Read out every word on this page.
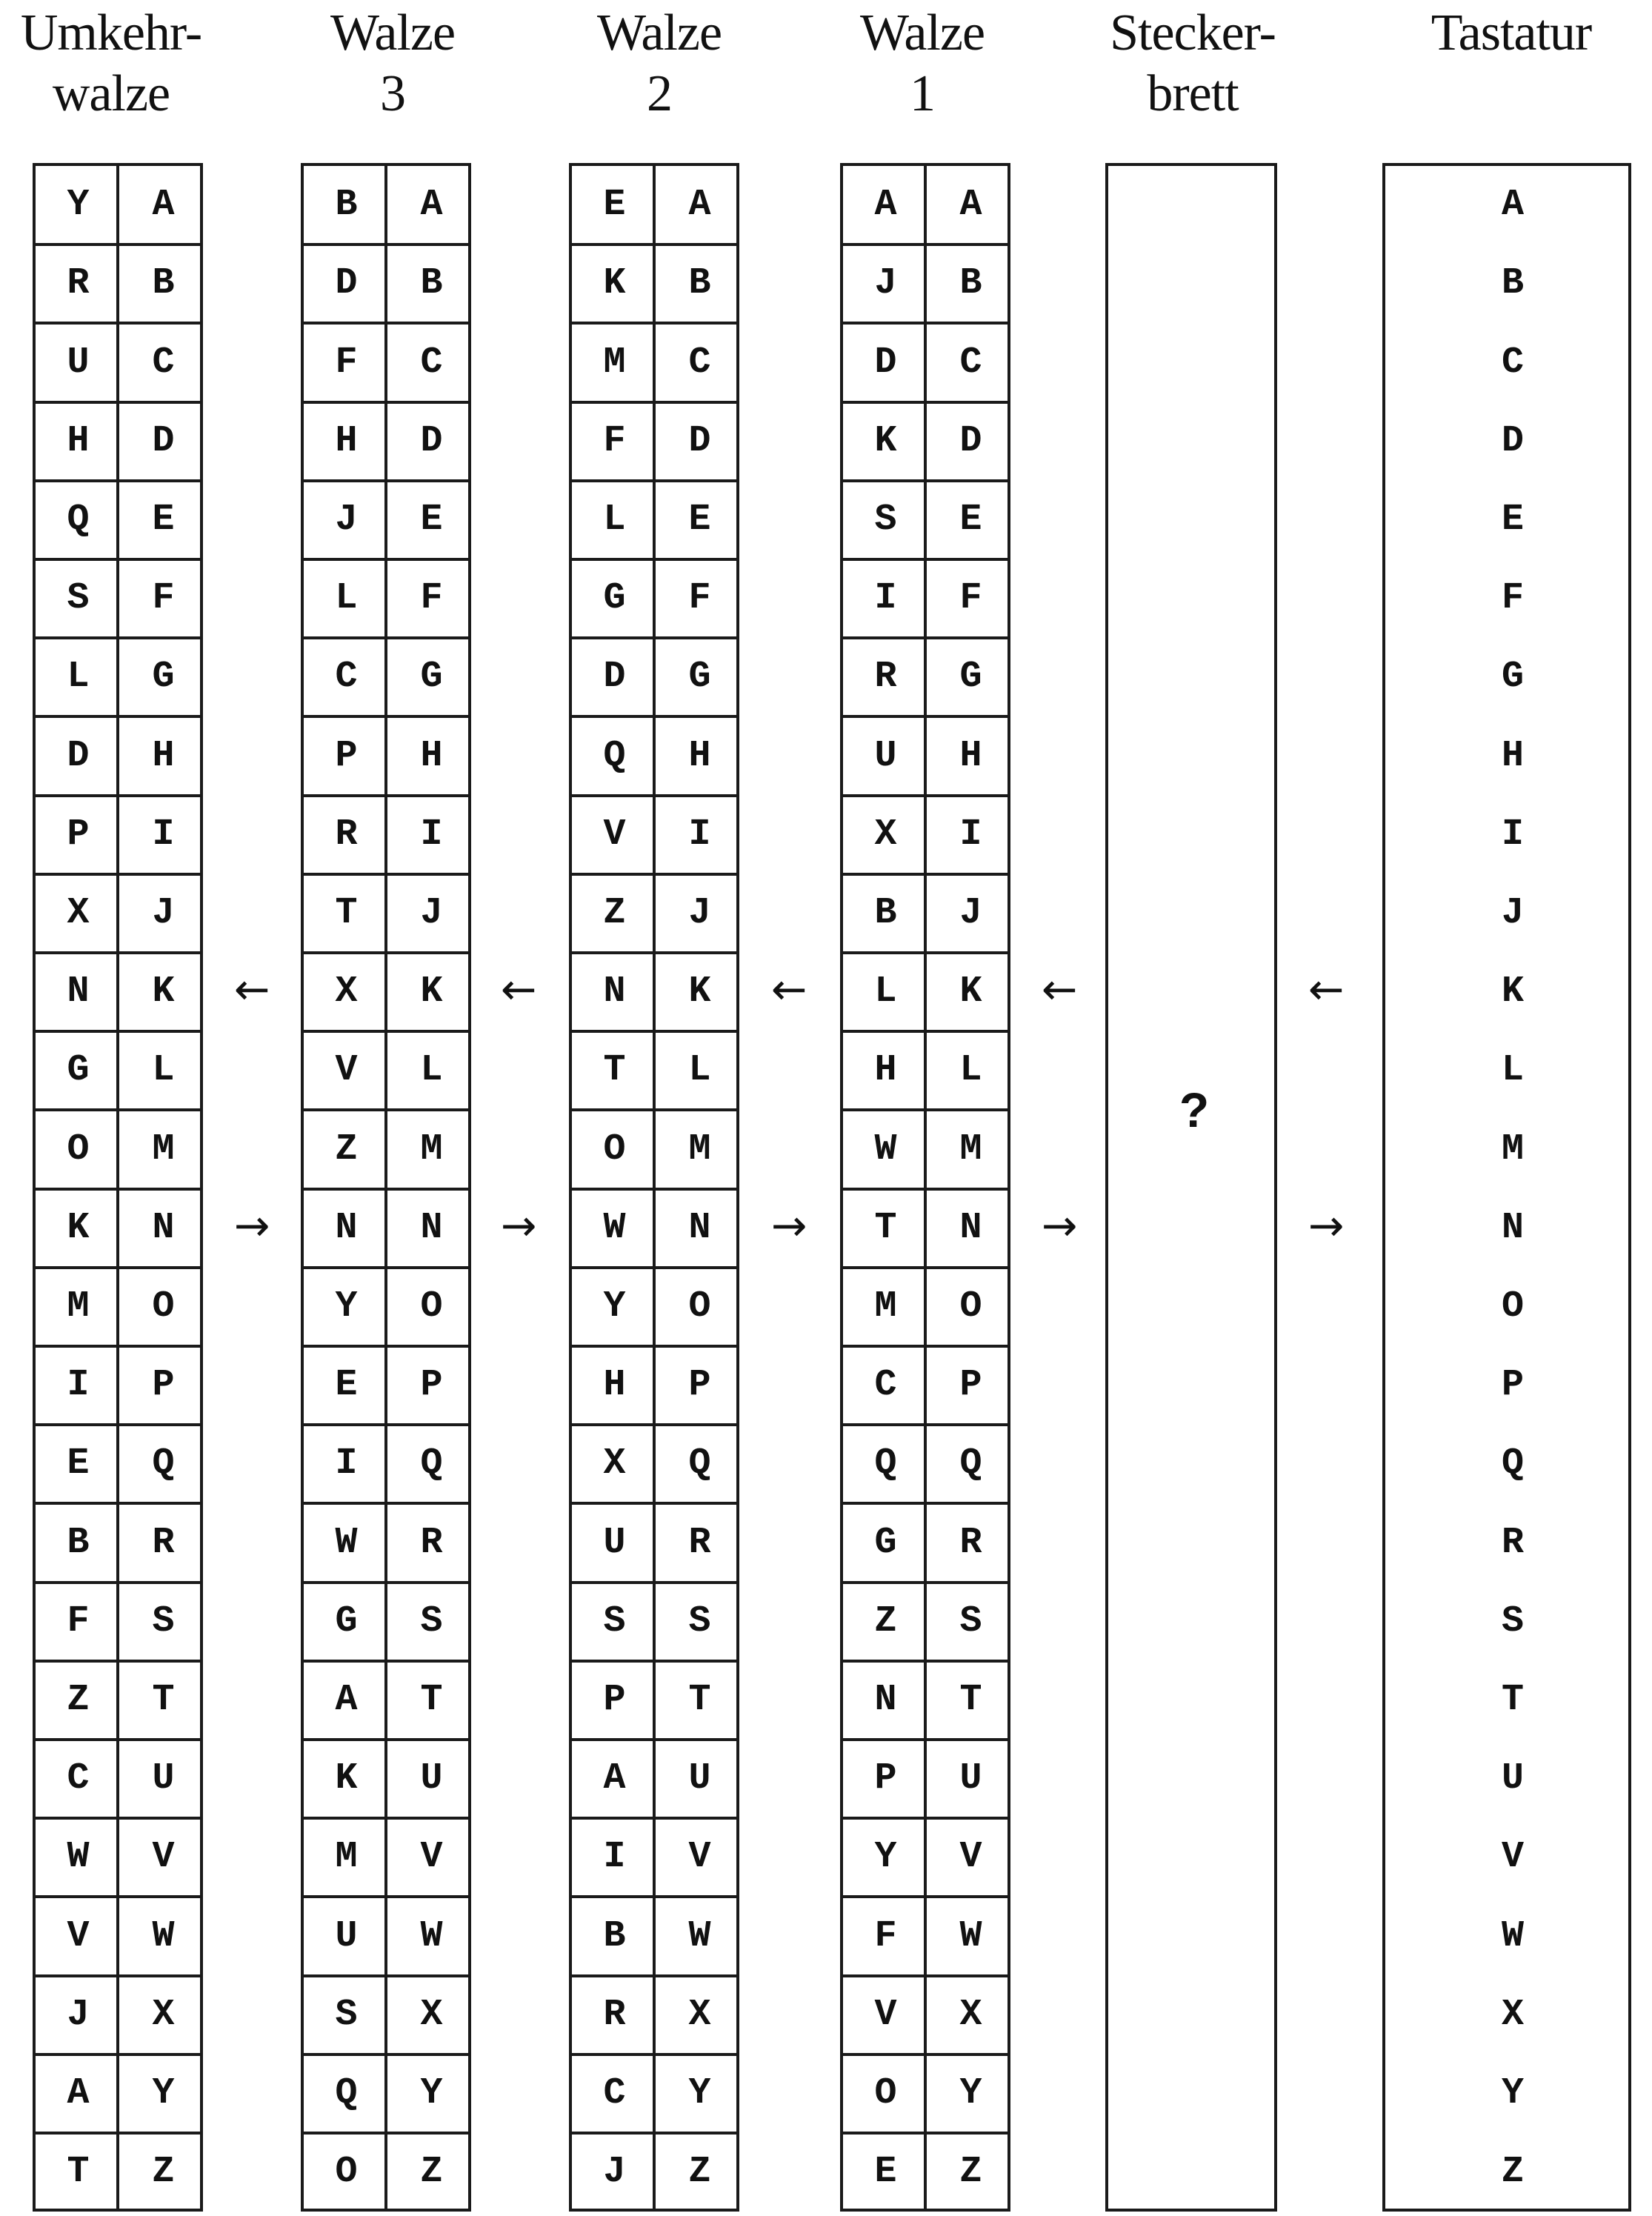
Umkehr-
walze
Walze
3
Walze
2
Walze
1
Stecker-
brett
Tastatur
Y
R
U
H
Q
S
L
D
P
X
N
G
O
K
M
I
E
B
F
Z
C
W
V
J
A
T
A
B
C
D
E
F
G
H
I
J
K
L
M
N
O
P
Q
R
S
T
U
V
W
X
Y
Z
B
D
F
H
J
L
C
P
R
T
X
V
Z
N
Y
E
I
W
G
A
K
M
U
S
Q
O
A
B
C
D
E
F
G
H
I
J
K
L
M
N
O
P
Q
R
S
T
U
V
W
X
Y
Z
E
K
M
F
L
G
D
Q
V
Z
N
T
O
W
Y
H
X
U
S
P
A
I
B
R
C
J
A
B
C
D
E
F
G
H
I
J
K
L
M
N
O
P
Q
R
S
T
U
V
W
X
Y
Z
A
J
D
K
S
I
R
U
X
B
L
H
W
T
M
C
Q
G
Z
N
P
Y
F
V
O
E
A
B
C
D
E
F
G
H
I
J
K
L
M
N
O
P
Q
R
S
T
U
V
W
X
Y
Z
?
A
B
C
D
E
F
G
H
I
J
K
L
M
N
O
P
Q
R
S
T
U
V
W
X
Y
Z
←
→
←
→
←
→
←
→
←
→
